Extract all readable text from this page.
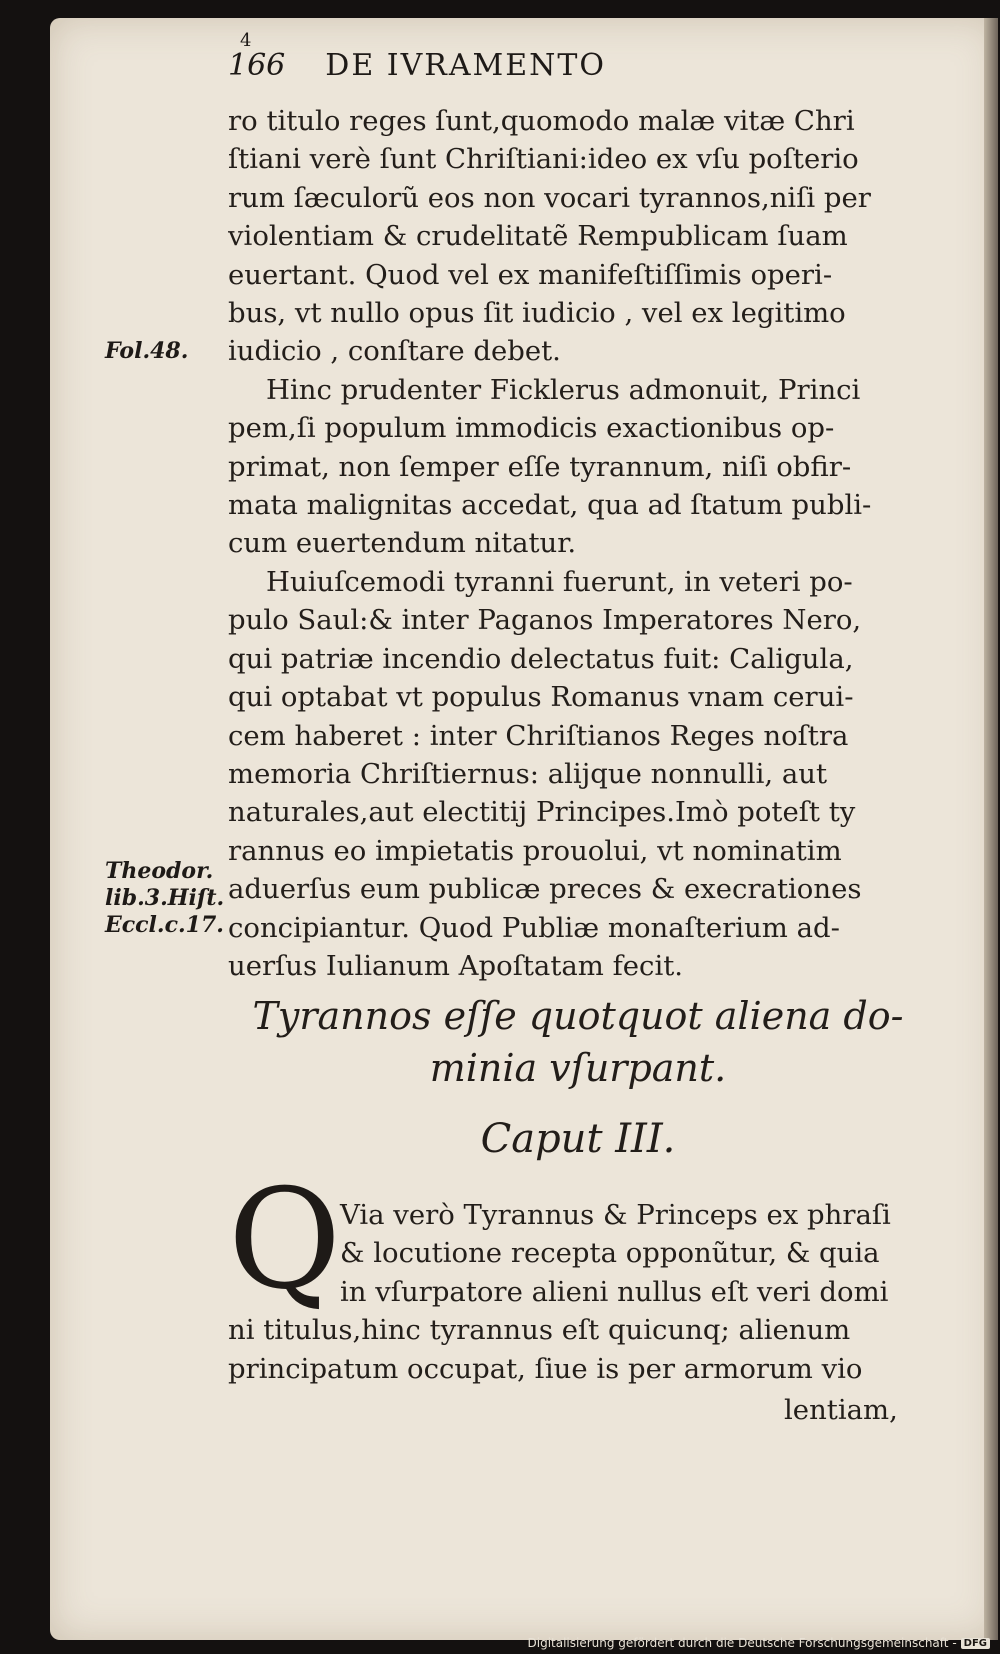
4
166 DE IVRAMENTO
ro titulo reges ſunt,quomodo malæ vitæ Chri
ſtiani verè ſunt Chriſtiani:ideo ex vſu poſterio
rum ſæculorũ eos non vocari tyrannos,niſi per
violentiam & crudelitatẽ Rempublicam ſuam
euertant. Quod vel ex manifeſtiſſimis operi-
bus, vt nullo opus ſit iudicio , vel ex legitimo
iudicio , conſtare debet.
Hinc prudenter Ficklerus admonuit, Princi
pem,ſi populum immodicis exactionibus op-
primat, non ſemper eſſe tyrannum, niſi obfir-
mata malignitas accedat, qua ad ſtatum publi-
cum euertendum nitatur.
Huiuſcemodi tyranni fuerunt, in veteri po-
pulo Saul:& inter Paganos Imperatores Nero,
qui patriæ incendio delectatus fuit: Caligula,
qui optabat vt populus Romanus vnam cerui-
cem haberet : inter Chriſtianos Reges noſtra
memoria Chriſtiernus: alijque nonnulli, aut
naturales,aut electitij Principes.Imò poteſt ty
rannus eo impietatis prouolui, vt nominatim
aduerſus eum publicæ preces & execrationes
concipiantur. Quod Publiæ monaſterium ad-
uerſus Iulianum Apoſtatam fecit.
Fol.48.
Theodor.
lib.3.Hiſt.
Eccl.c.17.
Tyrannos eſſe quotquot aliena do-
minia vſurpant.
Caput III.
Q
Via verò Tyrannus & Princeps ex phraſi
& locutione recepta opponũtur, & quia
in vſurpatore alieni nullus eſt veri domi
ni titulus,hinc tyrannus eſt quicunq; alienum
principatum occupat, ſiue is per armorum vio
lentiam,
Digitalisierung gefördert durch die Deutsche Forschungsgemeinschaft - DFG
